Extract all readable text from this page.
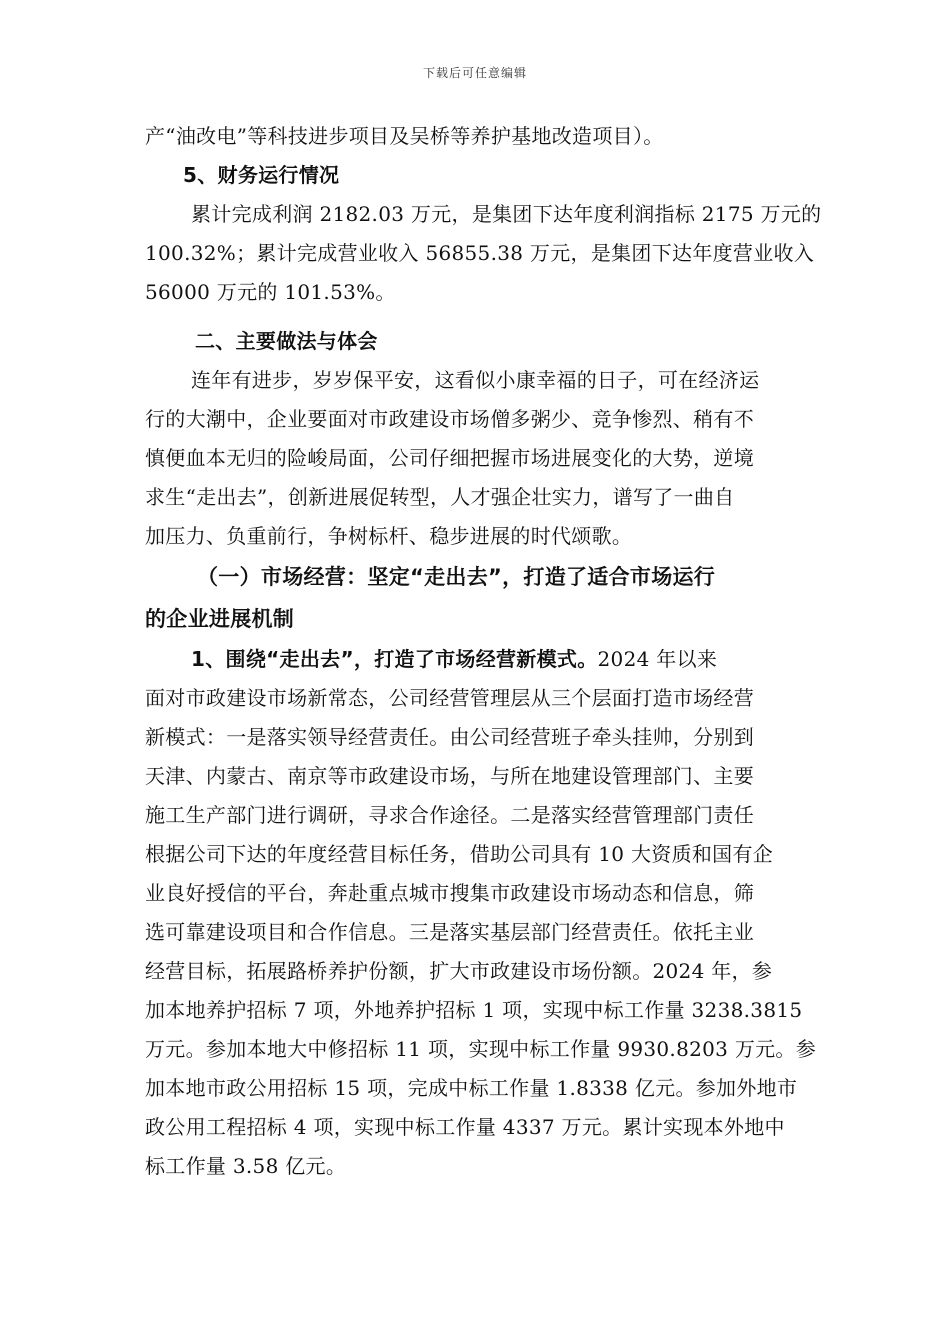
下载后可任意编辑
产“油改电”等科技进步项目及吴桥等养护基地改造项目）。
5、财务运行情况
累计完成利润 2182.03 万元，是集团下达年度利润指标 2175 万元的
100.32%；累计完成营业收入 56855.38 万元，是集团下达年度营业收入
56000 万元的 101.53%。
二、主要做法与体会
连年有进步，岁岁保平安，这看似小康幸福的日子，可在经济运
行的大潮中，企业要面对市政建设市场僧多粥少、竞争惨烈、稍有不
慎便血本无归的险峻局面，公司仔细把握市场进展变化的大势，逆境
求生“走出去”，创新进展促转型，人才强企壮实力，谱写了一曲自
加压力、负重前行，争树标杆、稳步进展的时代颂歌。
（一）市场经营：坚定“走出去”，打造了适合市场运行
的企业进展机制
1、围绕“走出去”，打造了市场经营新模式。2024 年以来
面对市政建设市场新常态，公司经营管理层从三个层面打造市场经营
新模式：一是落实领导经营责任。由公司经营班子牵头挂帅，分别到
天津、内蒙古、南京等市政建设市场，与所在地建设管理部门、主要
施工生产部门进行调研，寻求合作途径。二是落实经营管理部门责任
根据公司下达的年度经营目标任务，借助公司具有 10 大资质和国有企
业良好授信的平台，奔赴重点城市搜集市政建设市场动态和信息，筛
选可靠建设项目和合作信息。三是落实基层部门经营责任。依托主业
经营目标，拓展路桥养护份额，扩大市政建设市场份额。2024 年，参
加本地养护招标 7 项，外地养护招标 1 项，实现中标工作量 3238.3815
万元。参加本地大中修招标 11 项，实现中标工作量 9930.8203 万元。参
加本地市政公用招标 15 项，完成中标工作量 1.8338 亿元。参加外地市
政公用工程招标 4 项，实现中标工作量 4337 万元。累计实现本外地中
标工作量 3.58 亿元。
